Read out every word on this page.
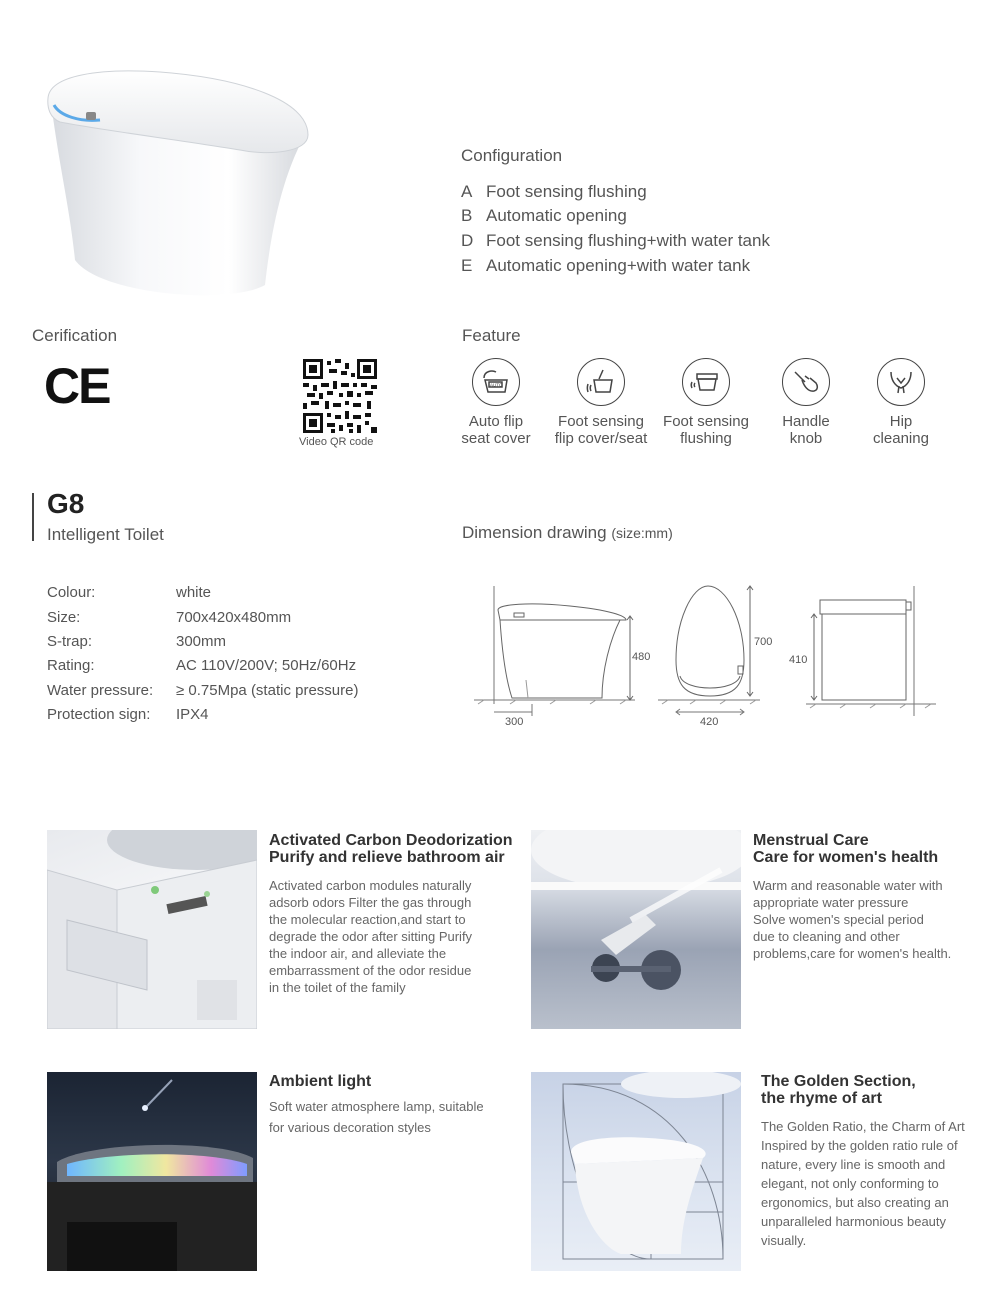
Configuration
A Foot sensing flushing
B Automatic opening
D Foot sensing flushing+with water tank
E Automatic opening+with water tank
Cerification
CE
Video QR code
Feature
AUTO
Auto flip
seat cover
Foot sensing
flip cover/seat
Foot sensing
flushing
Handle
knob
Hip
cleaning
G8
Intelligent Toilet
Colour:	white
Size:	700x420x480mm
S-trap:	300mm
Rating:	AC 110V/200V; 50Hz/60Hz
Water pressure: ≥ 0.75Mpa (static pressure)
Protection sign: IPX4
Dimension drawing (size:mm)
480
300
700
420
410
Activated Carbon Deodorization
Purify and relieve bathroom air
Activated carbon modules naturally
adsorb odors Filter the gas through
the molecular reaction,and start to
degrade the odor after sitting Purify
the indoor air, and alleviate the
embarrassment of the odor residue
in the toilet of the family
Menstrual Care
Care for women's health
Warm and reasonable water with
appropriate water pressure
Solve women's special period
due to cleaning and other
problems,care for women's health.
Ambient light
Soft water atmosphere lamp, suitable
for various decoration styles
The Golden Section,
the rhyme of art
The Golden Ratio, the Charm of Art
Inspired by the golden ratio rule of
nature, every line is smooth and
elegant, not only conforming to
ergonomics, but also creating an
unparalleled harmonious beauty
visually.
